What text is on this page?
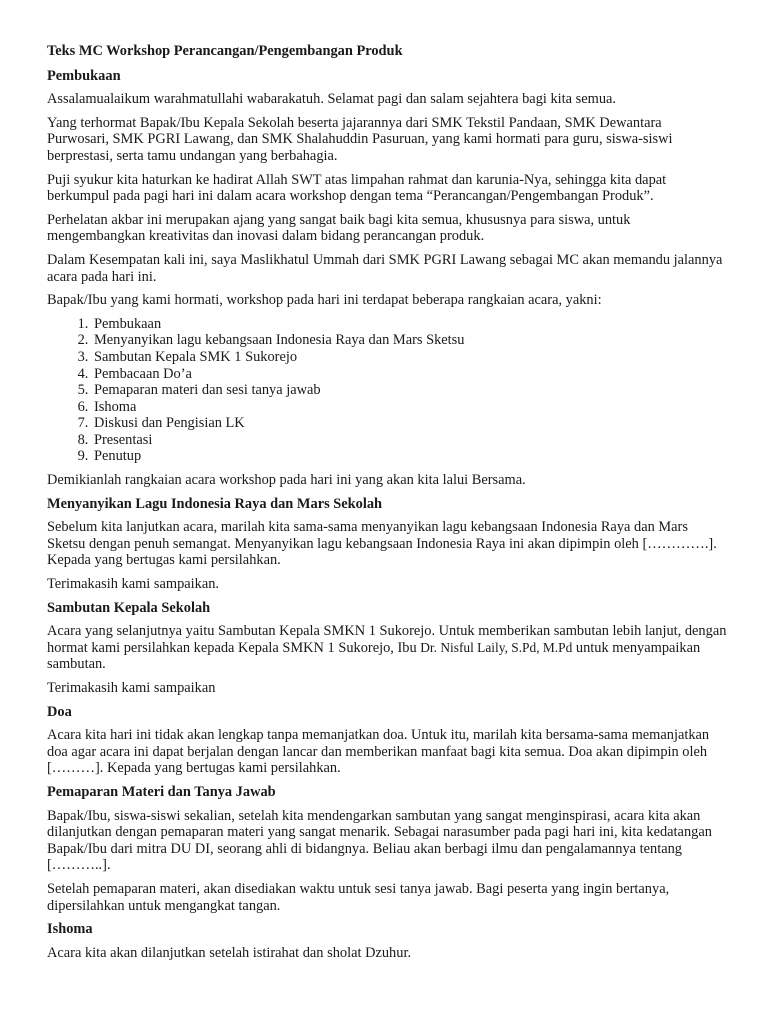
Teks MC Workshop Perancangan/Pengembangan Produk
Pembukaan

Assalamualaikum warahmatullahi wabarakatuh. Selamat pagi dan salam sejahtera bagi kita semua.

Yang terhormat Bapak/Ibu Kepala Sekolah beserta jajarannya dari SMK Tekstil Pandaan, SMK Dewantara Purwosari, SMK PGRI Lawang, dan SMK Shalahuddin Pasuruan, yang kami hormati para guru, siswa-siswi berprestasi, serta tamu undangan yang berbahagia.

Puji syukur kita haturkan ke hadirat Allah SWT atas limpahan rahmat dan karunia-Nya, sehingga kita dapat berkumpul pada pagi hari ini dalam acara workshop dengan tema “Perancangan/Pengembangan Produk”.

Perhelatan akbar ini merupakan ajang yang sangat baik bagi kita semua, khususnya para siswa, untuk mengembangkan kreativitas dan inovasi dalam bidang perancangan produk.

Dalam Kesempatan kali ini, saya Maslikhatul Ummah dari SMK PGRI Lawang sebagai MC akan memandu jalannya acara pada hari ini.

Bapak/Ibu yang kami hormati, workshop pada hari ini terdapat beberapa rangkaian acara, yakni:

1. Pembukaan
2. Menyanyikan lagu kebangsaan Indonesia Raya dan Mars Sketsu
3. Sambutan Kepala SMK 1 Sukorejo
4. Pembacaan Do’a
5. Pemaparan materi dan sesi tanya jawab
6. Ishoma
7. Diskusi dan Pengisian LK
8. Presentasi
9. Penutup

Demikianlah rangkaian acara workshop pada hari ini yang akan kita lalui Bersama.

Menyanyikan Lagu Indonesia Raya dan Mars Sekolah

Sebelum kita lanjutkan acara, marilah kita sama-sama menyanyikan lagu kebangsaan Indonesia Raya dan Mars Sketsu dengan penuh semangat. Menyanyikan lagu kebangsaan Indonesia Raya ini akan dipimpin oleh [………….]. Kepada yang bertugas kami persilahkan.

Terimakasih kami sampaikan.

Sambutan Kepala Sekolah

Acara yang selanjutnya yaitu Sambutan Kepala SMKN 1 Sukorejo. Untuk memberikan sambutan lebih lanjut, dengan hormat kami persilahkan kepada Kepala SMKN 1 Sukorejo, Ibu Dr. Nisful Laily, S.Pd, M.Pd untuk menyampaikan sambutan.

Terimakasih kami sampaikan

Doa

Acara kita hari ini tidak akan lengkap tanpa memanjatkan doa. Untuk itu, marilah kita bersama-sama memanjatkan doa agar acara ini dapat berjalan dengan lancar dan memberikan manfaat bagi kita semua. Doa akan dipimpin oleh [………]. Kepada yang bertugas kami persilahkan.

Pemaparan Materi dan Tanya Jawab

Bapak/Ibu, siswa-siswi sekalian, setelah kita mendengarkan sambutan yang sangat menginspirasi, acara kita akan dilanjutkan dengan pemaparan materi yang sangat menarik. Sebagai narasumber pada pagi hari ini, kita kedatangan Bapak/Ibu dari mitra DU DI, seorang ahli di bidangnya. Beliau akan berbagi ilmu dan pengalamannya tentang [………..].

Setelah pemaparan materi, akan disediakan waktu untuk sesi tanya jawab. Bagi peserta yang ingin bertanya, dipersilahkan untuk mengangkat tangan.

Ishoma

Acara kita akan dilanjutkan setelah istirahat dan sholat Dzuhur.
